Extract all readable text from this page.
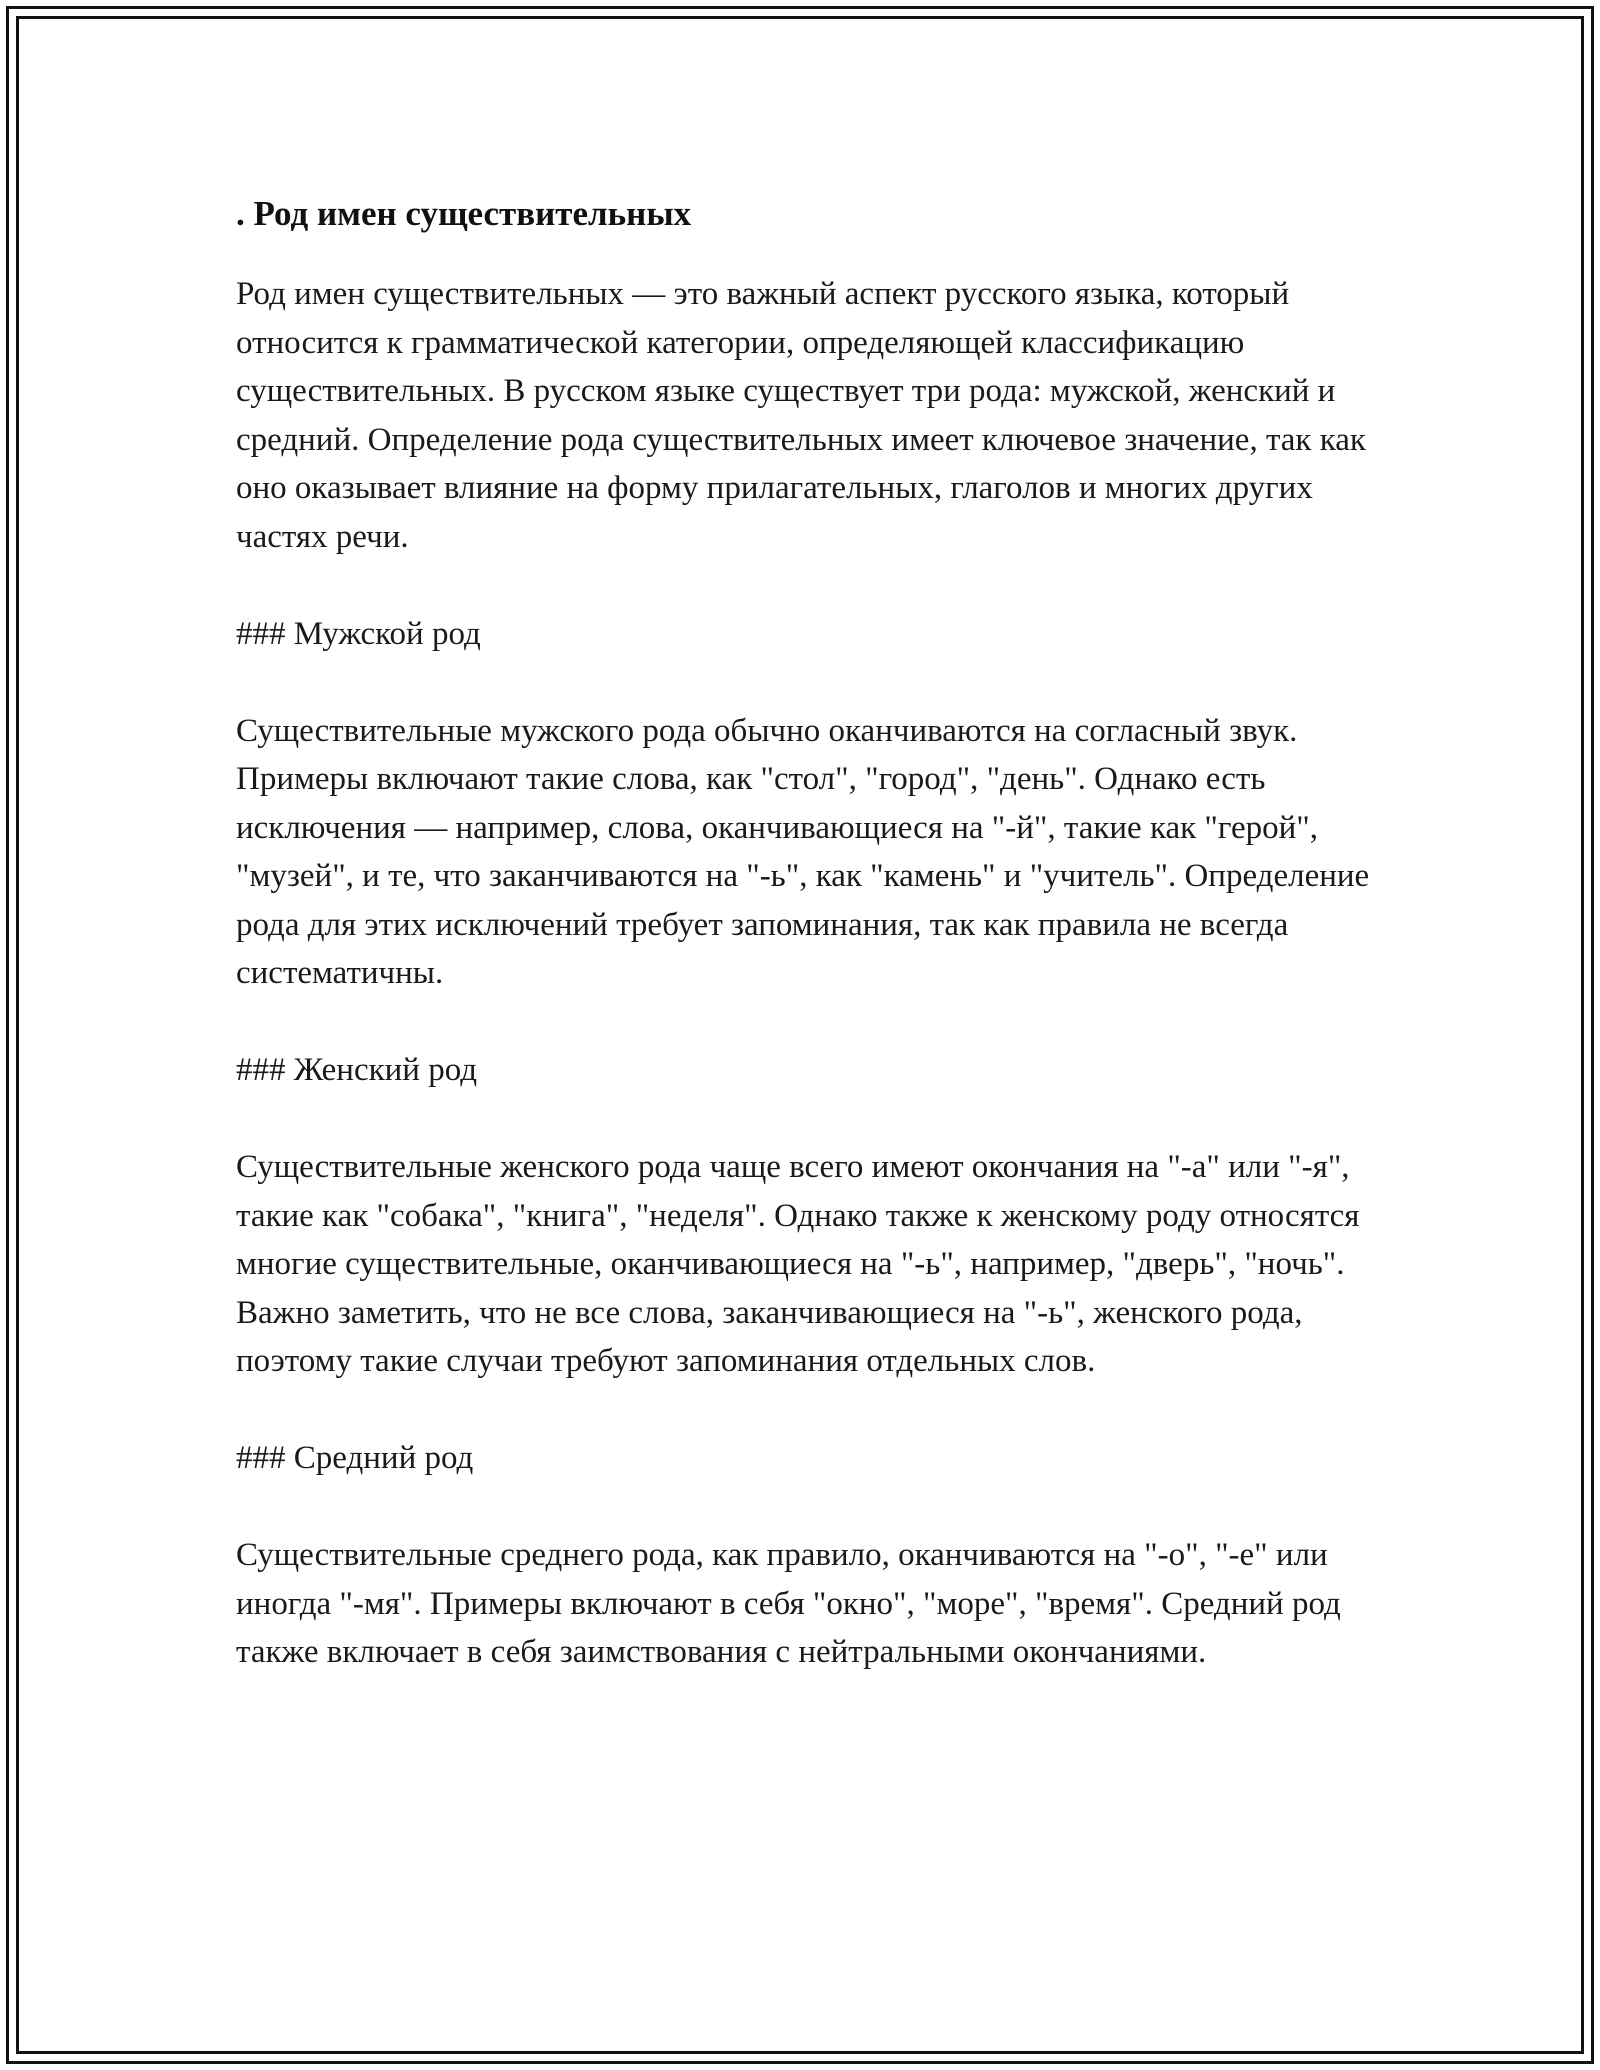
. Род имен существительных

Род имен существительных — это важный аспект русского языка, который относится к грамматической категории, определяющей классификацию существительных. В русском языке существует три рода: мужской, женский и средний. Определение рода существительных имеет ключевое значение, так как оно оказывает влияние на форму прилагательных, глаголов и многих других частях речи.

### Мужской род

Существительные мужского рода обычно оканчиваются на согласный звук. Примеры включают такие слова, как "стол", "город", "день". Однако есть исключения — например, слова, оканчивающиеся на "-й", такие как "герой", "музей", и те, что заканчиваются на "-ь", как "камень" и "учитель". Определение рода для этих исключений требует запоминания, так как правила не всегда систематичны.

### Женский род

Существительные женского рода чаще всего имеют окончания на "-а" или "-я", такие как "собака", "книга", "неделя". Однако также к женскому роду относятся многие существительные, оканчивающиеся на "-ь", например, "дверь", "ночь". Важно заметить, что не все слова, заканчивающиеся на "-ь", женского рода, поэтому такие случаи требуют запоминания отдельных слов.

### Средний род

Существительные среднего рода, как правило, оканчиваются на "-о", "-е" или иногда "-мя". Примеры включают в себя "окно", "море", "время". Средний род также включает в себя заимствования с нейтральными окончаниями.
